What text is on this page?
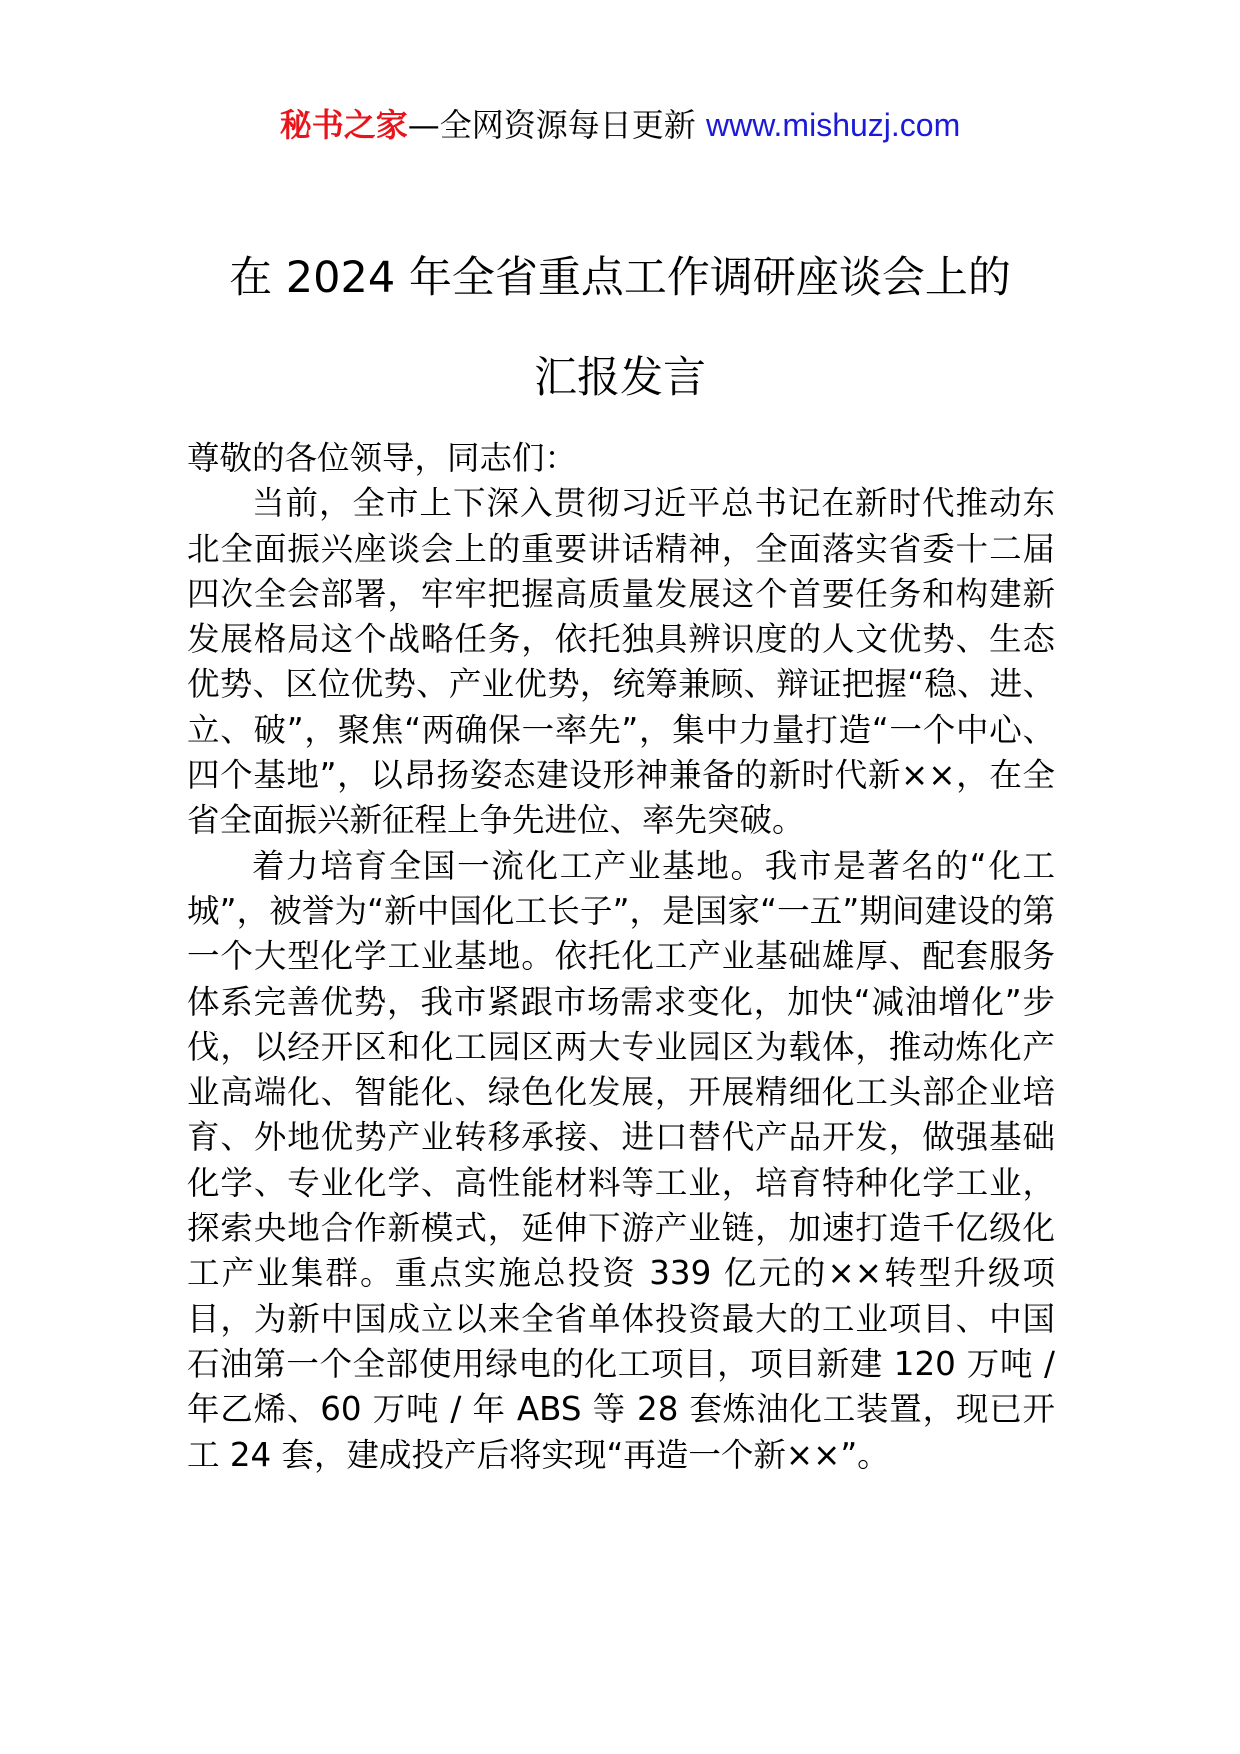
秘书之家—全网资源每日更新 www.mishuzj.com
在 2024 年全省重点工作调研座谈会上的
汇报发言

尊敬的各位领导，同志们：

当前，全市上下深入贯彻习近平总书记在新时代推动东北全面振兴座谈会上的重要讲话精神，全面落实省委十二届四次全会部署，牢牢把握高质量发展这个首要任务和构建新发展格局这个战略任务，依托独具辨识度的人文优势、生态优势、区位优势、产业优势，统筹兼顾、辩证把握“稳、进、立、破”，聚焦“两确保一率先”，集中力量打造“一个中心、四个基地”，以昂扬姿态建设形神兼备的新时代新××，在全省全面振兴新征程上争先进位、率先突破。

着力培育全国一流化工产业基地。我市是著名的“化工城”，被誉为“新中国化工长子”，是国家“一五”期间建设的第一个大型化学工业基地。依托化工产业基础雄厚、配套服务体系完善优势，我市紧跟市场需求变化，加快“减油增化”步伐，以经开区和化工园区两大专业园区为载体，推动炼化产业高端化、智能化、绿色化发展，开展精细化工头部企业培育、外地优势产业转移承接、进口替代产品开发，做强基础化学、专业化学、高性能材料等工业，培育特种化学工业，探索央地合作新模式，延伸下游产业链，加速打造千亿级化工产业集群。重点实施总投资 339 亿元的××转型升级项目，为新中国成立以来全省单体投资最大的工业项目、中国石油第一个全部使用绿电的化工项目，项目新建 120 万吨 / 年乙烯、60 万吨 / 年 ABS 等 28 套炼油化工装置，现已开工 24 套，建成投产后将实现“再造一个新××”。
